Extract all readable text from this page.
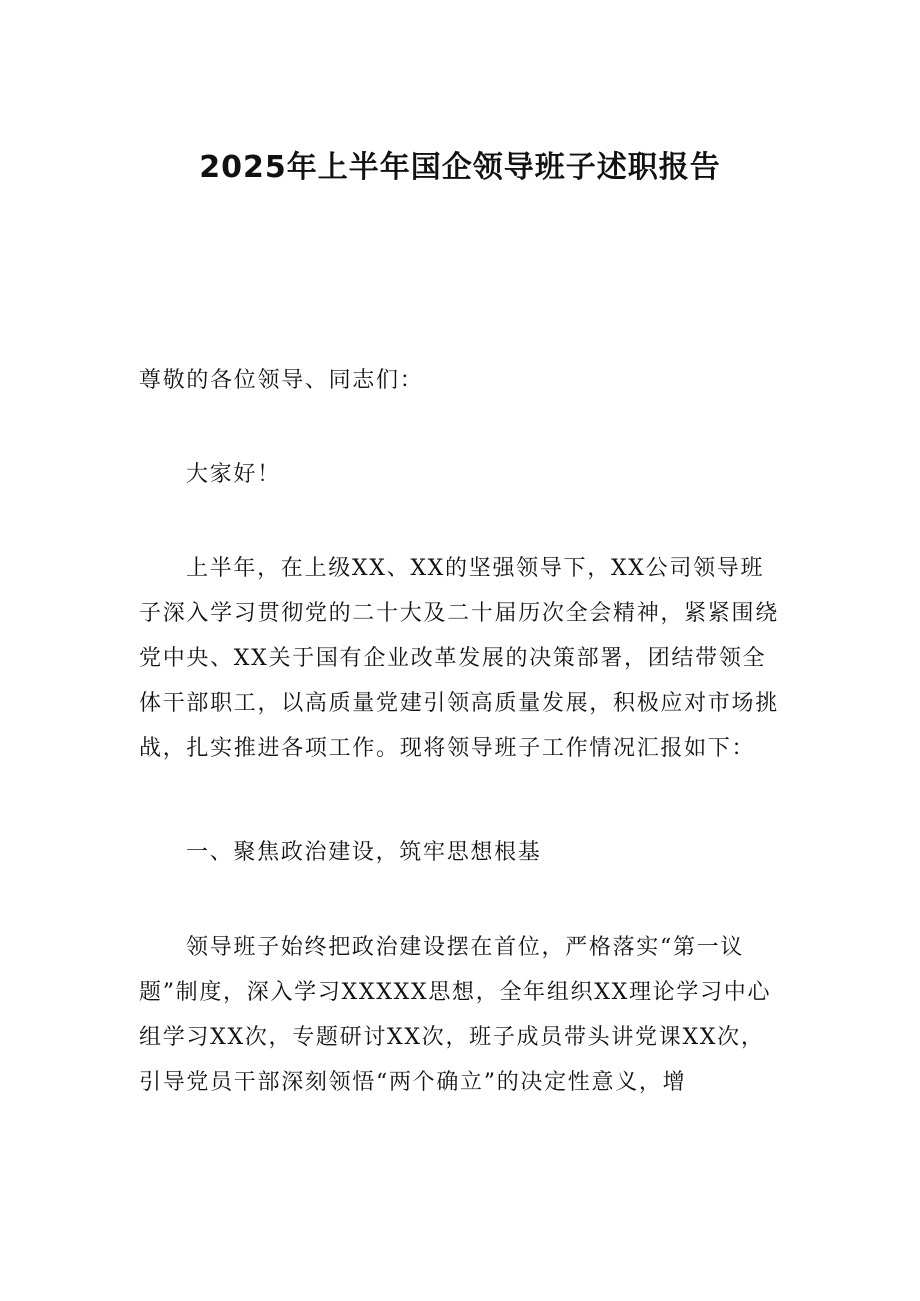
2025年上半年国企领导班子述职报告

尊敬的各位领导、同志们：

大家好！

上半年，在上级XX、XX的坚强领导下，XX公司领导班子深入学习贯彻党的二十大及二十届历次全会精神，紧紧围绕党中央、XX关于国有企业改革发展的决策部署，团结带领全体干部职工，以高质量党建引领高质量发展，积极应对市场挑战，扎实推进各项工作。现将领导班子工作情况汇报如下：

一、聚焦政治建设，筑牢思想根基

领导班子始终把政治建设摆在首位，严格落实“第一议题”制度，深入学习XXXXX思想，全年组织XX理论学习中心组学习XX次，专题研讨XX次，班子成员带头讲党课XX次，引导党员干部深刻领悟“两个确立”的决定性意义，增
